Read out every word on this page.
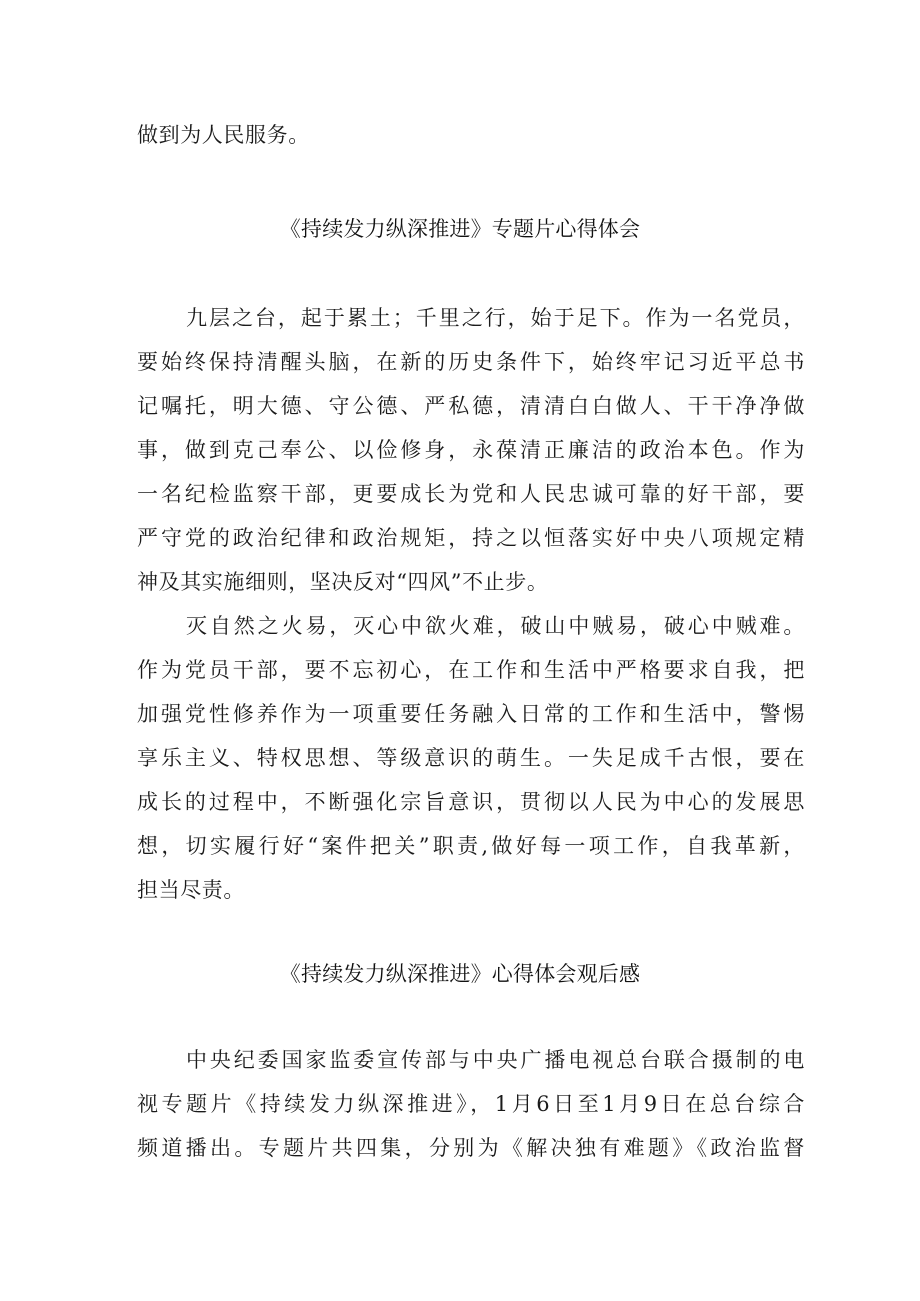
做到为人民服务。
《持续发力纵深推进》专题片心得体会
九层之台，起于累土；千里之行，始于足下。作为一名党员，
要始终保持清醒头脑，在新的历史条件下，始终牢记习近平总书
记嘱托，明大德、守公德、严私德，清清白白做人、干干净净做
事，做到克己奉公、以俭修身，永葆清正廉洁的政治本色。作为
一名纪检监察干部，更要成长为党和人民忠诚可靠的好干部，要
严守党的政治纪律和政治规矩，持之以恒落实好中央八项规定精
神及其实施细则，坚决反对“四风”不止步。
灭自然之火易，灭心中欲火难，破山中贼易，破心中贼难。
作为党员干部，要不忘初心，在工作和生活中严格要求自我，把
加强党性修养作为一项重要任务融入日常的工作和生活中，警惕
享乐主义、特权思想、等级意识的萌生。一失足成千古恨，要在
成长的过程中，不断强化宗旨意识，贯彻以人民为中心的发展思
想，切实履行好“案件把关”职责,做好每一项工作，自我革新，
担当尽责。
《持续发力纵深推进》心得体会观后感
中央纪委国家监委宣传部与中央广播电视总台联合摄制的电
视专题片《持续发力纵深推进》，1月6日至1月9日在总台综合
频道播出。专题片共四集，分别为《解决独有难题》《政治监督
